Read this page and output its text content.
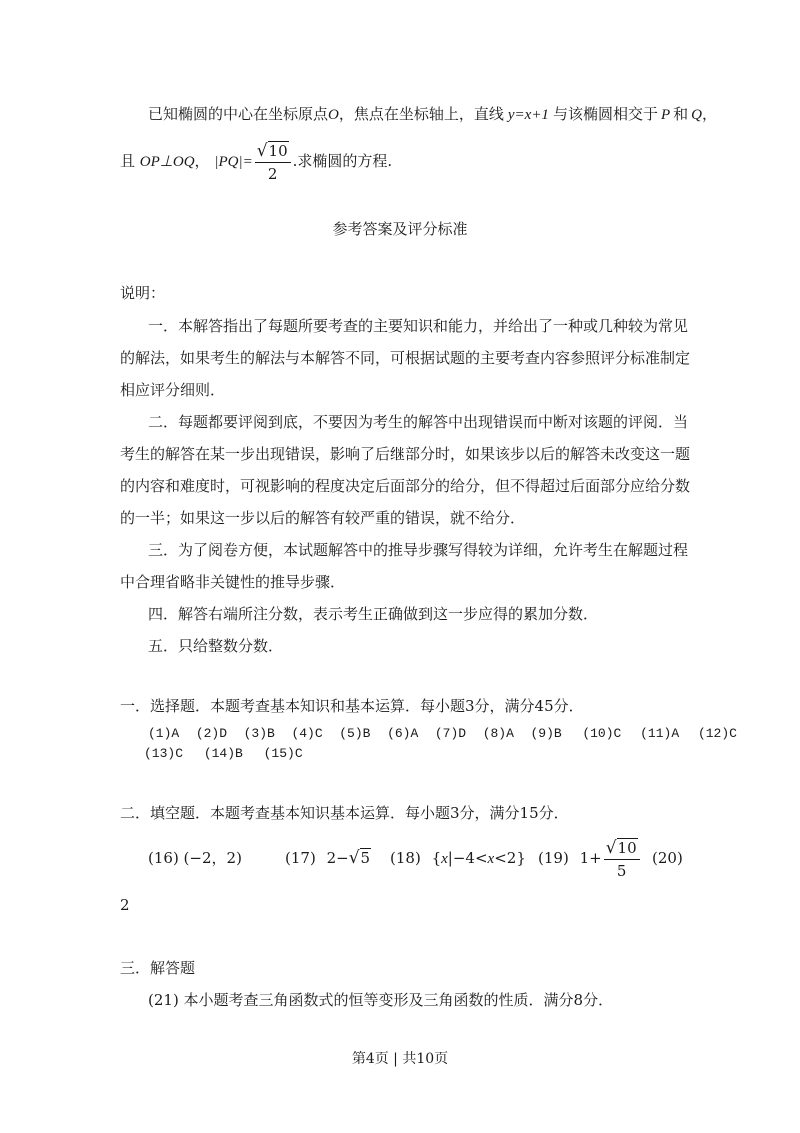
已知椭圆的中心在坐标原点O，焦点在坐标轴上，直线 y=x+1 与该椭圆相交于 P 和 Q，
且 OP⊥OQ， $|PQ|= \frac{√10}{2}$ .求椭圆的方程.
参考答案及评分标准
说明：
一．本解答指出了每题所要考查的主要知识和能力，并给出了一种或几种较为常见
的解法，如果考生的解法与本解答不同，可根据试题的主要考查内容参照评分标准制定
相应评分细则．
二．每题都要评阅到底，不要因为考生的解答中出现错误而中断对该题的评阅．当
考生的解答在某一步出现错误，影响了后继部分时，如果该步以后的解答未改变这一题
的内容和难度时，可视影响的程度决定后面部分的给分，但不得超过后面部分应给分数
的一半；如果这一步以后的解答有较严重的错误，就不给分．
三．为了阅卷方便，本试题解答中的推导步骤写得较为详细，允许考生在解题过程
中合理省略非关键性的推导步骤．
四．解答右端所注分数，表示考生正确做到这一步应得的累加分数．
五．只给整数分数．
一．选择题．本题考查基本知识和基本运算．每小题3分，满分45分．
(1)A (2)D (3)B (4)C (5)B (6)A (7)D (8)A (9)B (10)C (11)A (12)C
(13)C (14)B (15)C
二．填空题．本题考查基本知识基本运算．每小题3分，满分15分．
(16) (−2，2)	(17) 2−√5 (18) {x|−4<x<2} (19) $1+ \frac{√10}{5} (20)$
2
三．解答题
(21) 本小题考查三角函数式的恒等变形及三角函数的性质．满分8分．
第4页 | 共10页
